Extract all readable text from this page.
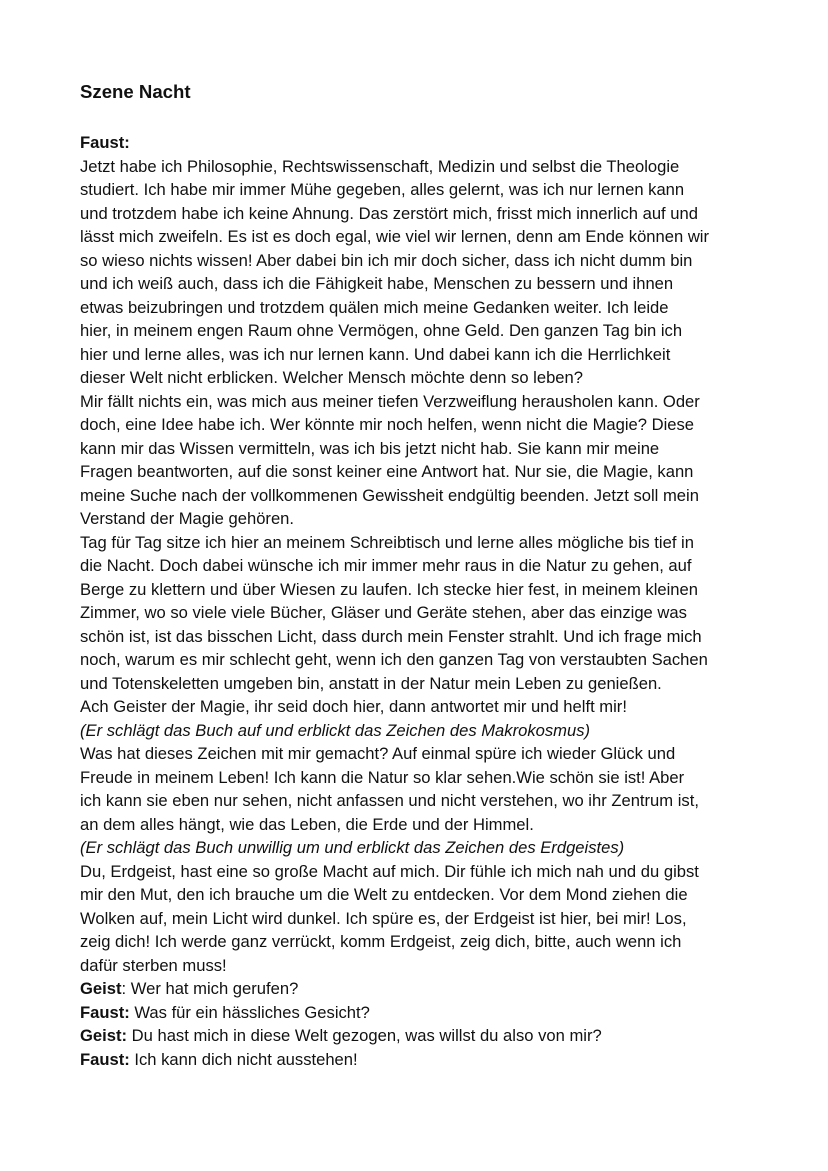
Szene Nacht
Faust:
Jetzt habe ich Philosophie, Rechtswissenschaft, Medizin und selbst die Theologie
studiert. Ich habe mir immer Mühe gegeben, alles gelernt, was ich nur lernen kann
und trotzdem habe ich keine Ahnung. Das zerstört mich, frisst mich innerlich auf und
lässt mich zweifeln. Es ist es doch egal, wie viel wir lernen, denn am Ende können wir
so wieso nichts wissen! Aber dabei bin ich mir doch sicher, dass ich nicht dumm bin
und ich weiß auch, dass ich die Fähigkeit habe, Menschen zu bessern und ihnen
etwas beizubringen und trotzdem quälen mich meine Gedanken weiter. Ich leide
hier, in meinem engen Raum ohne Vermögen, ohne Geld. Den ganzen Tag bin ich
hier und lerne alles, was ich nur lernen kann. Und dabei kann ich die Herrlichkeit
dieser Welt nicht erblicken. Welcher Mensch möchte denn so leben?
Mir fällt nichts ein, was mich aus meiner tiefen Verzweiflung herausholen kann. Oder
doch, eine Idee habe ich. Wer könnte mir noch helfen, wenn nicht die Magie? Diese
kann mir das Wissen vermitteln, was ich bis jetzt nicht hab. Sie kann mir meine
Fragen beantworten, auf die sonst keiner eine Antwort hat. Nur sie, die Magie, kann
meine Suche nach der vollkommenen Gewissheit endgültig beenden. Jetzt soll mein
Verstand der Magie gehören.
Tag für Tag sitze ich hier an meinem Schreibtisch und lerne alles mögliche bis tief in
die Nacht. Doch dabei wünsche ich mir immer mehr raus in die Natur zu gehen, auf
Berge zu klettern und über Wiesen zu laufen. Ich stecke hier fest, in meinem kleinen
Zimmer, wo so viele viele Bücher, Gläser und Geräte stehen, aber das einzige was
schön ist, ist das bisschen Licht, dass durch mein Fenster strahlt. Und ich frage mich
noch, warum es mir schlecht geht, wenn ich den ganzen Tag von verstaubten Sachen
und Totenskeletten umgeben bin, anstatt in der Natur mein Leben zu genießen.
Ach Geister der Magie, ihr seid doch hier, dann antwortet mir und helft mir!
(Er schlägt das Buch auf und erblickt das Zeichen des Makrokosmus)
Was hat dieses Zeichen mit mir gemacht? Auf einmal spüre ich wieder Glück und
Freude in meinem Leben! Ich kann die Natur so klar sehen.Wie schön sie ist! Aber
ich kann sie eben nur sehen, nicht anfassen und nicht verstehen, wo ihr Zentrum ist,
an dem alles hängt, wie das Leben, die Erde und der Himmel.
(Er schlägt das Buch unwillig um und erblickt das Zeichen des Erdgeistes)
Du, Erdgeist, hast eine so große Macht auf mich. Dir fühle ich mich nah und du gibst
mir den Mut, den ich brauche um die Welt zu entdecken. Vor dem Mond ziehen die
Wolken auf, mein Licht wird dunkel. Ich spüre es, der Erdgeist ist hier, bei mir! Los,
zeig dich! Ich werde ganz verrückt, komm Erdgeist, zeig dich, bitte, auch wenn ich
dafür sterben muss!
Geist: Wer hat mich gerufen?
Faust: Was für ein hässliches Gesicht?
Geist: Du hast mich in diese Welt gezogen, was willst du also von mir?
Faust: Ich kann dich nicht ausstehen!
